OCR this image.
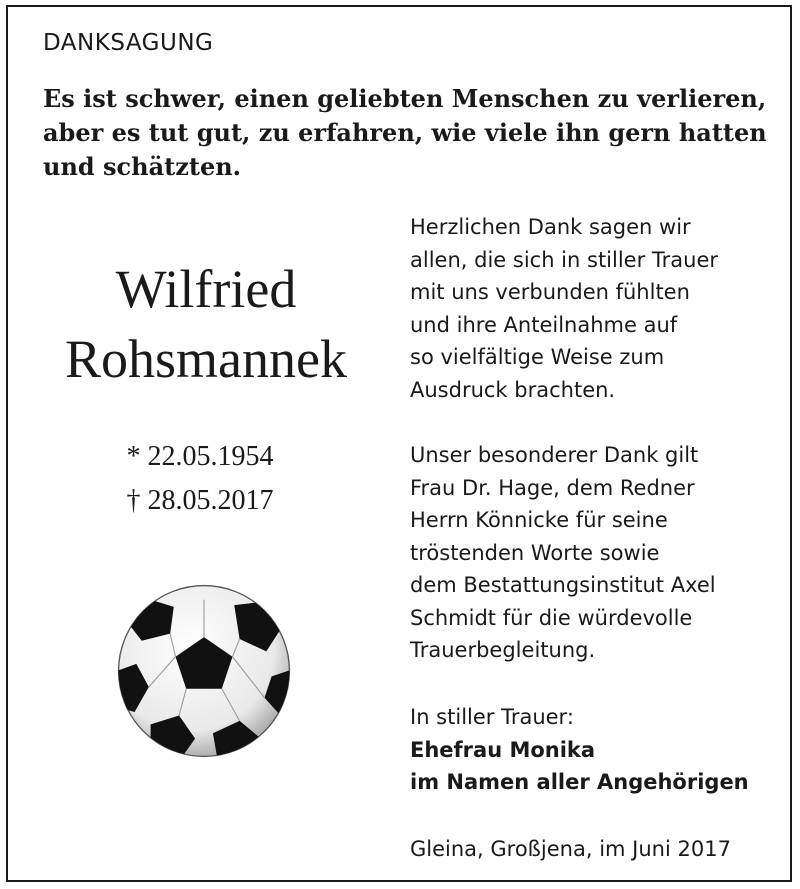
DANKSAGUNG
Es ist schwer, einen geliebten Menschen zu verlieren,
aber es tut gut, zu erfahren, wie viele ihn gern hatten
und schätzten.
Wilfried
Rohsmannek
* 22.05.1954
† 28.05.2017
Herzlichen Dank sagen wir
allen, die sich in stiller Trauer
mit uns verbunden fühlten
und ihre Anteilnahme auf
so vielfältige Weise zum
Ausdruck brachten.
Unser besonderer Dank gilt
Frau Dr. Hage, dem Redner
Herrn Könnicke für seine
tröstenden Worte sowie
dem Bestattungsinstitut Axel
Schmidt für die würdevolle
Trauerbegleitung.
In stiller Trauer:
Ehefrau Monika
im Namen aller Angehörigen
Gleina, Großjena, im Juni 2017
